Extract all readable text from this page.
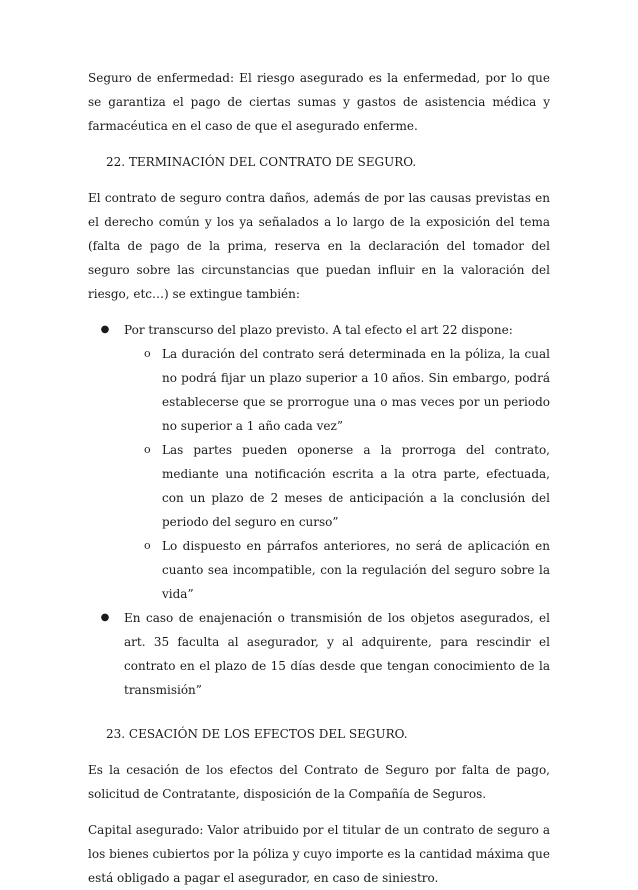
Seguro de enfermedad: El riesgo asegurado es la enfermedad, por lo que se garantiza el pago de ciertas sumas y gastos de asistencia médica y farmacéutica en el caso de que el asegurado enferme.

22. TERMINACIÓN DEL CONTRATO DE SEGURO.

El contrato de seguro contra daños, además de por las causas previstas en el derecho común y los ya señalados a lo largo de la exposición del tema (falta de pago de la prima, reserva en la declaración del tomador del seguro sobre las circunstancias que puedan influir en la valoración del riesgo, etc…) se extingue también:

● Por transcurso del plazo previsto. A tal efecto el art 22 dispone:
o La duración del contrato será determinada en la póliza, la cual no podrá fijar un plazo superior a 10 años. Sin embargo, podrá establecerse que se prorrogue una o mas veces por un periodo no superior a 1 año cada vez”
o Las partes pueden oponerse a la prorroga del contrato, mediante una notificación escrita a la otra parte, efectuada, con un plazo de 2 meses de anticipación a la conclusión del periodo del seguro en curso”
o Lo dispuesto en párrafos anteriores, no será de aplicación en cuanto sea incompatible, con la regulación del seguro sobre la vida”
● En caso de enajenación o transmisión de los objetos asegurados, el art. 35 faculta al asegurador, y al adquirente, para rescindir el contrato en el plazo de 15 días desde que tengan conocimiento de la transmisión”

23. CESACIÓN DE LOS EFECTOS DEL SEGURO.

Es la cesación de los efectos del Contrato de Seguro por falta de pago, solicitud de Contratante, disposición de la Compañía de Seguros.

Capital asegurado: Valor atribuido por el titular de un contrato de seguro a los bienes cubiertos por la póliza y cuyo importe es la cantidad máxima que está obligado a pagar el asegurador, en caso de siniestro.
